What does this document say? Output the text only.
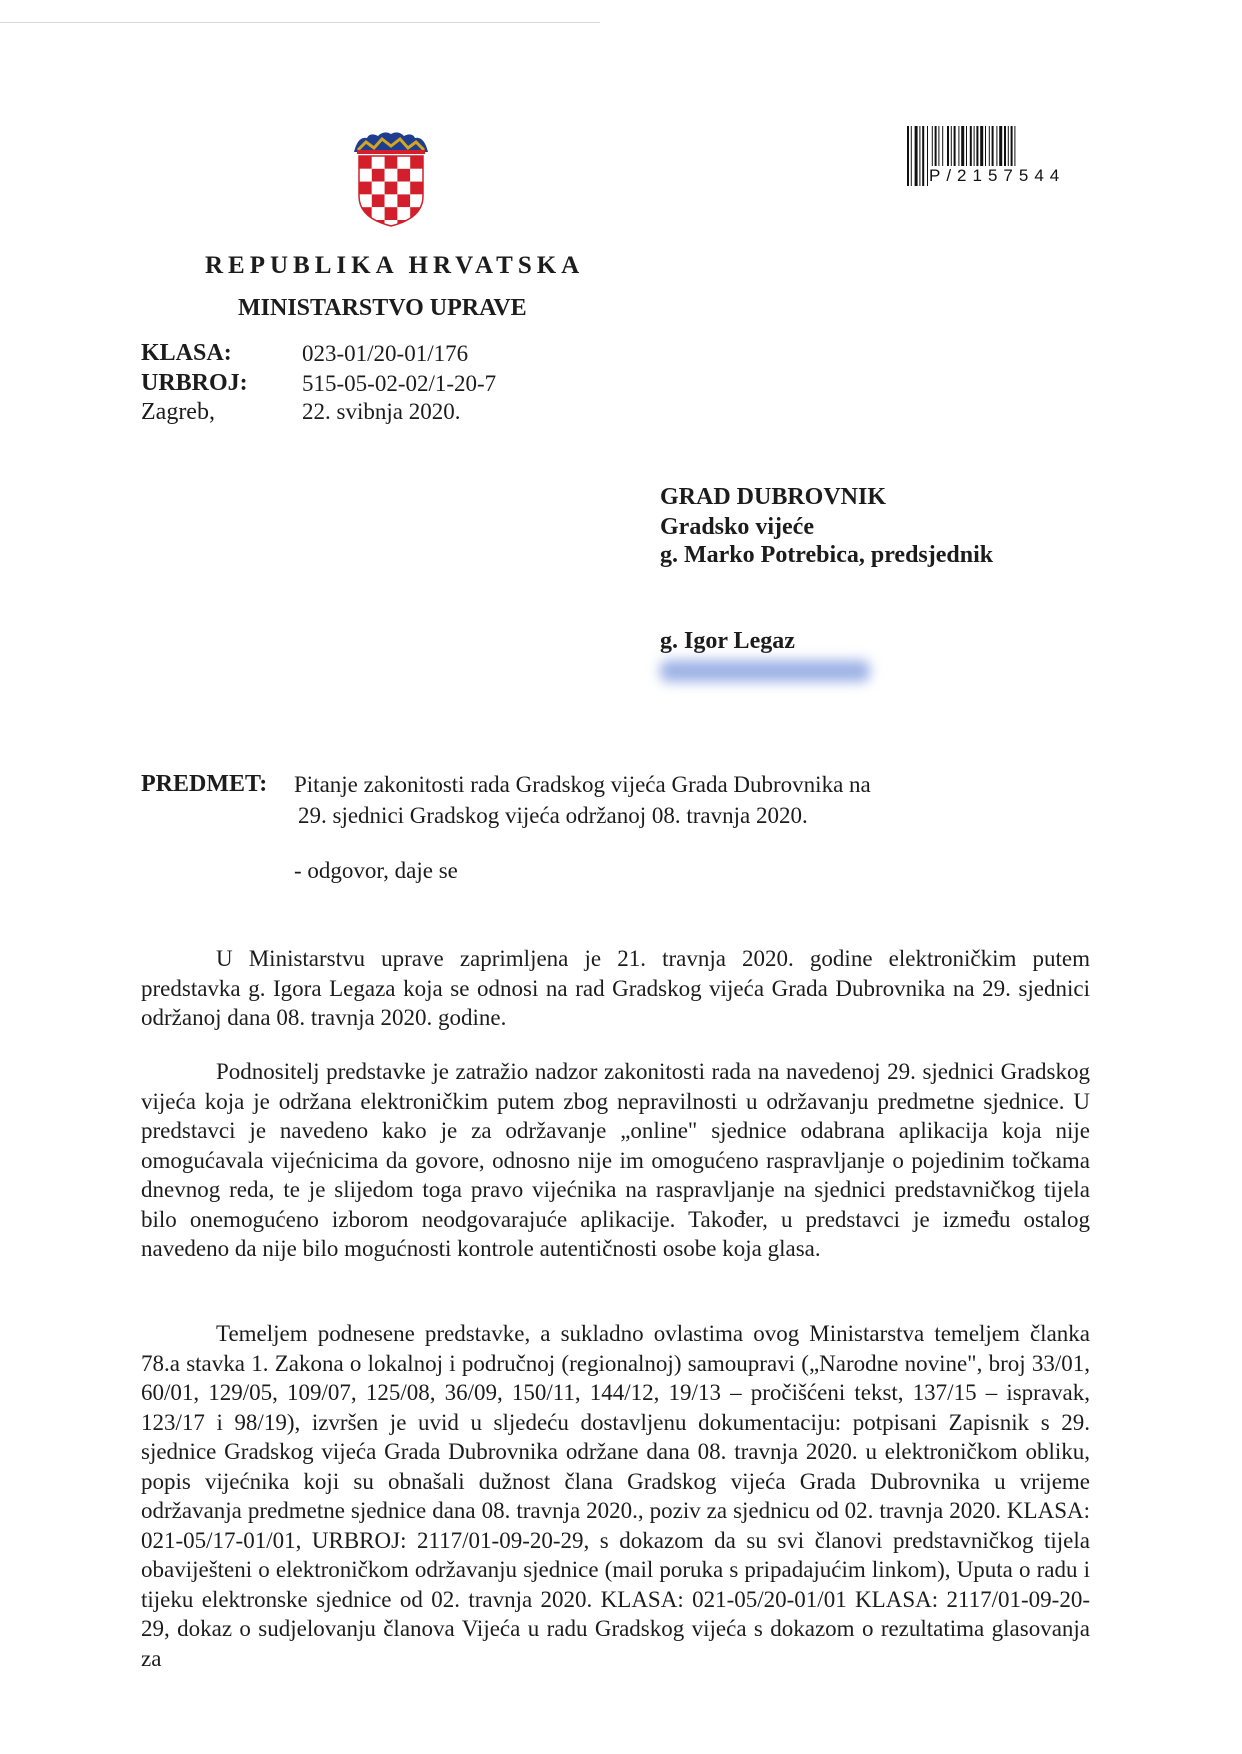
P/2157544
REPUBLIKA HRVATSKA
MINISTARSTVO UPRAVE
KLASA:	023-01/20-01/176
URBROJ: 515-05-02-02/1-20-7
Zagreb,	22. svibnja 2020.
GRAD DUBROVNIK
Gradsko vijeće
g. Marko Potrebica, predsjednik
g. Igor Legaz
PREDMET: Pitanje zakonitosti rada Gradskog vijeća Grada Dubrovnika na
29. sjednici Gradskog vijeća održanoj 08. travnja 2020.
- odgovor, daje se

U Ministarstvu uprave zaprimljena je 21. travnja 2020. godine elektroničkim putem predstavka g. Igora Legaza koja se odnosi na rad Gradskog vijeća Grada Dubrovnika na 29. sjednici održanoj dana 08. travnja 2020. godine.

Podnositelj predstavke je zatražio nadzor zakonitosti rada na navedenoj 29. sjednici Gradskog vijeća koja je održana elektroničkim putem zbog nepravilnosti u održavanju predmetne sjednice. U predstavci je navedeno kako je za održavanje „online" sjednice odabrana aplikacija koja nije omogućavala vijećnicima da govore, odnosno nije im omogućeno raspravljanje o pojedinim točkama dnevnog reda, te je slijedom toga pravo vijećnika na raspravljanje na sjednici predstavničkog tijela bilo onemogućeno izborom neodgovarajuće aplikacije. Također, u predstavci je između ostalog navedeno da nije bilo mogućnosti kontrole autentičnosti osobe koja glasa.

Temeljem podnesene predstavke, a sukladno ovlastima ovog Ministarstva temeljem članka 78.a stavka 1. Zakona o lokalnoj i područnoj (regionalnoj) samoupravi („Narodne novine", broj 33/01, 60/01, 129/05, 109/07, 125/08, 36/09, 150/11, 144/12, 19/13 – pročišćeni tekst, 137/15 – ispravak, 123/17 i 98/19), izvršen je uvid u sljedeću dostavljenu dokumentaciju: potpisani Zapisnik s 29. sjednice Gradskog vijeća Grada Dubrovnika održane dana 08. travnja 2020. u elektroničkom obliku, popis vijećnika koji su obnašali dužnost člana Gradskog vijeća Grada Dubrovnika u vrijeme održavanja predmetne sjednice dana 08. travnja 2020., poziv za sjednicu od 02. travnja 2020. KLASA: 021-05/17-01/01, URBROJ: 2117/01-09-20-29, s dokazom da su svi članovi predstavničkog tijela obaviješteni o elektroničkom održavanju sjednice (mail poruka s pripadajućim linkom), Uputa o radu i tijeku elektronske sjednice od 02. travnja 2020. KLASA: 021-05/20-01/01 KLASA: 2117/01-09-20-29, dokaz o sudjelovanju članova Vijeća u radu Gradskog vijeća s dokazom o rezultatima glasovanja za
